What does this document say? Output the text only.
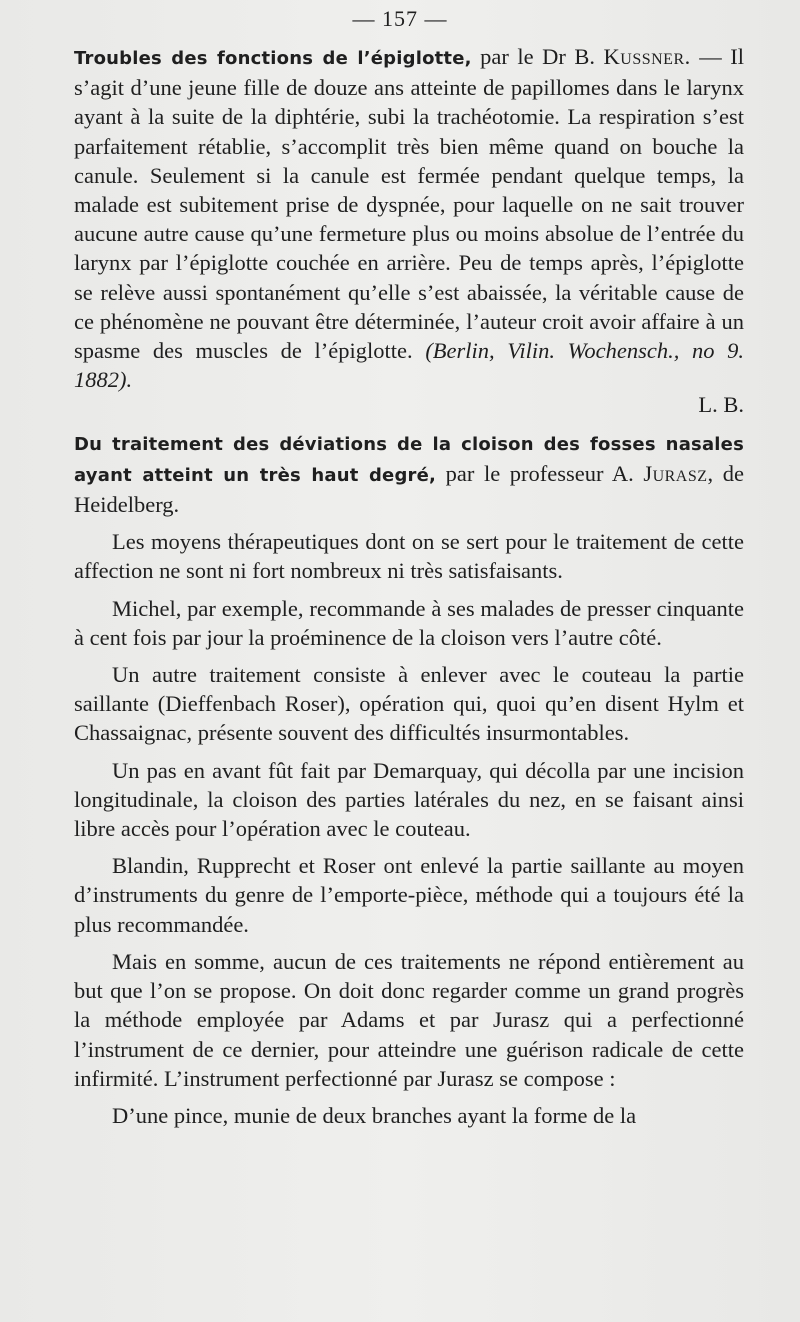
— 157 —

Troubles des fonctions de l’épiglotte, par le Dr B. Kussner. — Il s’agit d’une jeune fille de douze ans atteinte de papillomes dans le larynx ayant à la suite de la diphtérie, subi la trachéotomie. La respiration s’est parfaitement rétablie, s’accomplit très bien même quand on bouche la canule. Seulement si la canule est fermée pendant quelque temps, la malade est subitement prise de dyspnée, pour laquelle on ne sait trouver aucune autre cause qu’une fermeture plus ou moins absolue de l’entrée du larynx par l’épiglotte couchée en arrière. Peu de temps après, l’épiglotte se relève aussi spontanément qu’elle s’est abaissée, la véritable cause de ce phénomène ne pouvant être déterminée, l’auteur croit avoir affaire à un spasme des muscles de l’épiglotte. (Berlin, Vilin. Wochensch., no 9. 1882).
L. B.

Du traitement des déviations de la cloison des fosses nasales ayant atteint un très haut degré, par le professeur A. Jurasz, de Heidelberg.

Les moyens thérapeutiques dont on se sert pour le traitement de cette affection ne sont ni fort nombreux ni très satisfaisants.

Michel, par exemple, recommande à ses malades de presser cinquante à cent fois par jour la proéminence de la cloison vers l’autre côté.

Un autre traitement consiste à enlever avec le couteau la partie saillante (Dieffenbach Roser), opération qui, quoi qu’en disent Hylm et Chassaignac, présente souvent des difficultés insurmontables.

Un pas en avant fût fait par Demarquay, qui décolla par une incision longitudinale, la cloison des parties latérales du nez, en se faisant ainsi libre accès pour l’opération avec le couteau.

Blandin, Rupprecht et Roser ont enlevé la partie saillante au moyen d’instruments du genre de l’emporte-pièce, méthode qui a toujours été la plus recommandée.

Mais en somme, aucun de ces traitements ne répond entièrement au but que l’on se propose. On doit donc regarder comme un grand progrès la méthode employée par Adams et par Jurasz qui a perfectionné l’instrument de ce dernier, pour atteindre une guérison radicale de cette infirmité. L’instrument perfectionné par Jurasz se compose :

D’une pince, munie de deux branches ayant la forme de la
